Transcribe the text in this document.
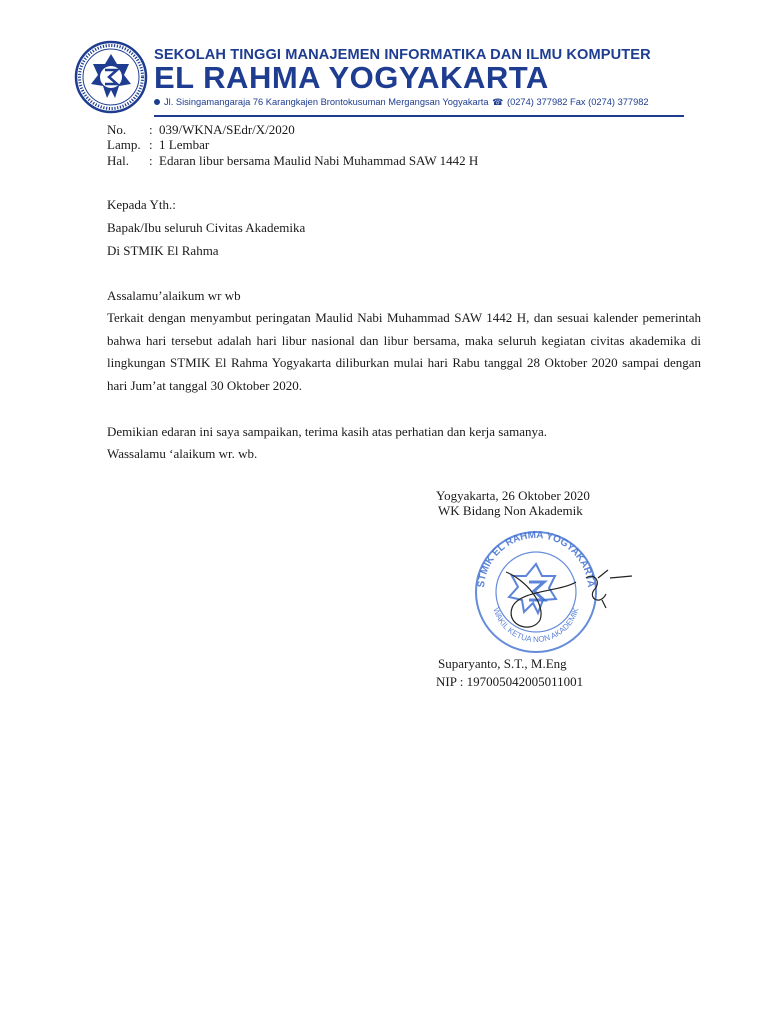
SEKOLAH TINGGI MANAJEMEN INFORMATIKA DAN ILMU KOMPUTER
EL RAHMA YOGYAKARTA
Jl. Sisingamangaraja 76 Karangkajen Brontokusuman Mergangsan Yogyakarta ☎ (0274) 377982 Fax (0274) 377982
No.	: 039/WKNA/SEdr/X/2020
Lamp. : 1 Lembar
Hal.	: Edaran libur bersama Maulid Nabi Muhammad SAW 1442 H
Kepada Yth.:
Bapak/Ibu seluruh Civitas Akademika
Di STMIK El Rahma
Assalamu’alaikum wr wb
Terkait dengan menyambut peringatan Maulid Nabi Muhammad SAW 1442 H, dan sesuai kalender pemerintah bahwa hari tersebut adalah hari libur nasional dan libur bersama, maka seluruh kegiatan civitas akademika di lingkungan STMIK El Rahma Yogyakarta diliburkan mulai hari Rabu tanggal 28 Oktober 2020 sampai dengan hari Jum’at tanggal 30 Oktober 2020.
Demikian edaran ini saya sampaikan, terima kasih atas perhatian dan kerja samanya.
Wassalamu ‘alaikum wr. wb.
Yogyakarta, 26 Oktober 2020
WK Bidang Non Akademik
STMIK EL RAHMA YOGYAKARTA
WAKIL KETUA NON AKADEMIK
Suparyanto, S.T., M.Eng
NIP : 197005042005011001
